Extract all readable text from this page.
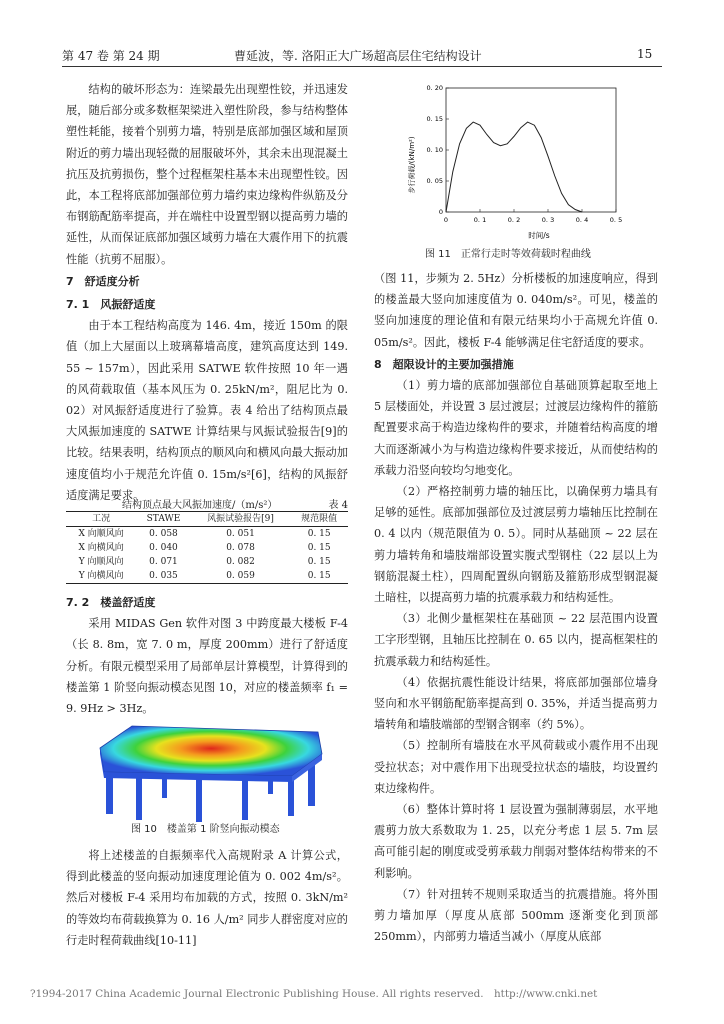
第 47 卷 第 24 期	曹延波，等. 洛阳正大广场超高层住宅结构设计	15

结构的破坏形态为：连梁最先出现塑性铰，并迅速发展，随后部分或多数框架梁进入塑性阶段，参与结构整体塑性耗能，接着个别剪力墙，特别是底部加强区域和屋顶附近的剪力墙出现轻微的屈服破坏外，其余未出现混凝土抗压及抗剪损伤，整个过程框架柱基本未出现塑性铰。因此，本工程将底部加强部位剪力墙约束边缘构件纵筋及分布钢筋配筋率提高，并在端柱中设置型钢以提高剪力墙的延性，从而保证底部加强区域剪力墙在大震作用下的抗震性能（抗剪不屈服）。

7　舒适度分析

7. 1　风振舒适度

由于本工程结构高度为 146. 4m，接近 150m 的限值（加上大屋面以上玻璃幕墙高度，建筑高度达到 149. 55 ~ 157m），因此采用 SATWE 软件按照 10 年一遇的风荷载取值（基本风压为 0. 25kN/m²，阻尼比为 0. 02）对风振舒适度进行了验算。表 4 给出了结构顶点最大风振加速度的 SATWE 计算结果与风振试验报告[9]的比较。结果表明，结构顶点的顺风向和横风向最大振动加速度值均小于规范允许值 0. 15m/s²[6]，结构的风振舒适度满足要求。

结构顶点最大风振加速度/（m/s²）	表 4
工况	STAWE	风振试验报告[9]	规范限值
X 向顺风向	0. 058	0. 051	0. 15
X 向横风向	0. 040	0. 078	0. 15
Y 向顺风向	0. 071	0. 082	0. 15
Y 向横风向	0. 035	0. 059	0. 15

7. 2　楼盖舒适度

采用 MIDAS Gen 软件对图 3 中跨度最大楼板 F-4（长 8. 8m，宽 7. 0 m，厚度 200mm）进行了舒适度分析。有限元模型采用了局部单层计算模型，计算得到的楼盖第 1 阶竖向振动模态见图 10，对应的楼盖频率 f₁ = 9. 9Hz > 3Hz。

图 10　楼盖第 1 阶竖向振动模态

将上述楼盖的自振频率代入高规附录 A 计算公式，得到此楼盖的竖向振动加速度理论值为 0. 002 4m/s²。然后对楼板 F-4 采用均布加载的方式，按照 0. 3kN/m² 的等效均布荷载换算为 0. 16 人/m² 同步人群密度对应的行走时程荷载曲线[10-11]

0	0. 1	0. 2	0. 3	0. 4	0. 5
0
0. 05
0. 10
0. 15
0. 20
步行荷载/(kN/m²)
时间/s
图 11　正常行走时等效荷载时程曲线

（图 11，步频为 2. 5Hz）分析楼板的加速度响应，得到的楼盖最大竖向加速度值为 0. 040m/s²。可见，楼盖的竖向加速度的理论值和有限元结果均小于高规允许值 0. 05m/s²。因此，楼板 F-4 能够满足住宅舒适度的要求。

8　超限设计的主要加强措施

（1）剪力墙的底部加强部位自基础顶算起取至地上 5 层楼面处，并设置 3 层过渡层；过渡层边缘构件的箍筋配置要求高于构造边缘构件的要求，并随着结构高度的增大而逐渐减小为与构造边缘构件要求接近，从而使结构的承载力沿竖向较均匀地变化。

（2）严格控制剪力墙的轴压比，以确保剪力墙具有足够的延性。底部加强部位及过渡层剪力墙轴压比控制在 0. 4 以内（规范限值为 0. 5）。同时从基础顶 ~ 22 层在剪力墙转角和墙肢端部设置实腹式型钢柱（22 层以上为钢筋混凝土柱），四周配置纵向钢筋及箍筋形成型钢混凝土暗柱，以提高剪力墙的抗震承载力和结构延性。

（3）北侧少量框架柱在基础顶 ~ 22 层范围内设置工字形型钢，且轴压比控制在 0. 65 以内，提高框架柱的抗震承载力和结构延性。

（4）依据抗震性能设计结果，将底部加强部位墙身竖向和水平钢筋配筋率提高到 0. 35%，并适当提高剪力墙转角和墙肢端部的型钢含钢率（约 5%）。

（5）控制所有墙肢在水平风荷载或小震作用不出现受拉状态；对中震作用下出现受拉状态的墙肢，均设置约束边缘构件。

（6）整体计算时将 1 层设置为强制薄弱层，水平地震剪力放大系数取为 1. 25，以充分考虑 1 层 5. 7m 层高可能引起的刚度或受剪承载力削弱对整体结构带来的不利影响。

（7）针对扭转不规则采取适当的抗震措施。将外围剪力墙加厚（厚度从底部 500mm 逐渐变化到顶部 250mm），内部剪力墙适当减小（厚度从底部

?1994-2017 China Academic Journal Electronic Publishing House. All rights reserved.　http://www.cnki.net
